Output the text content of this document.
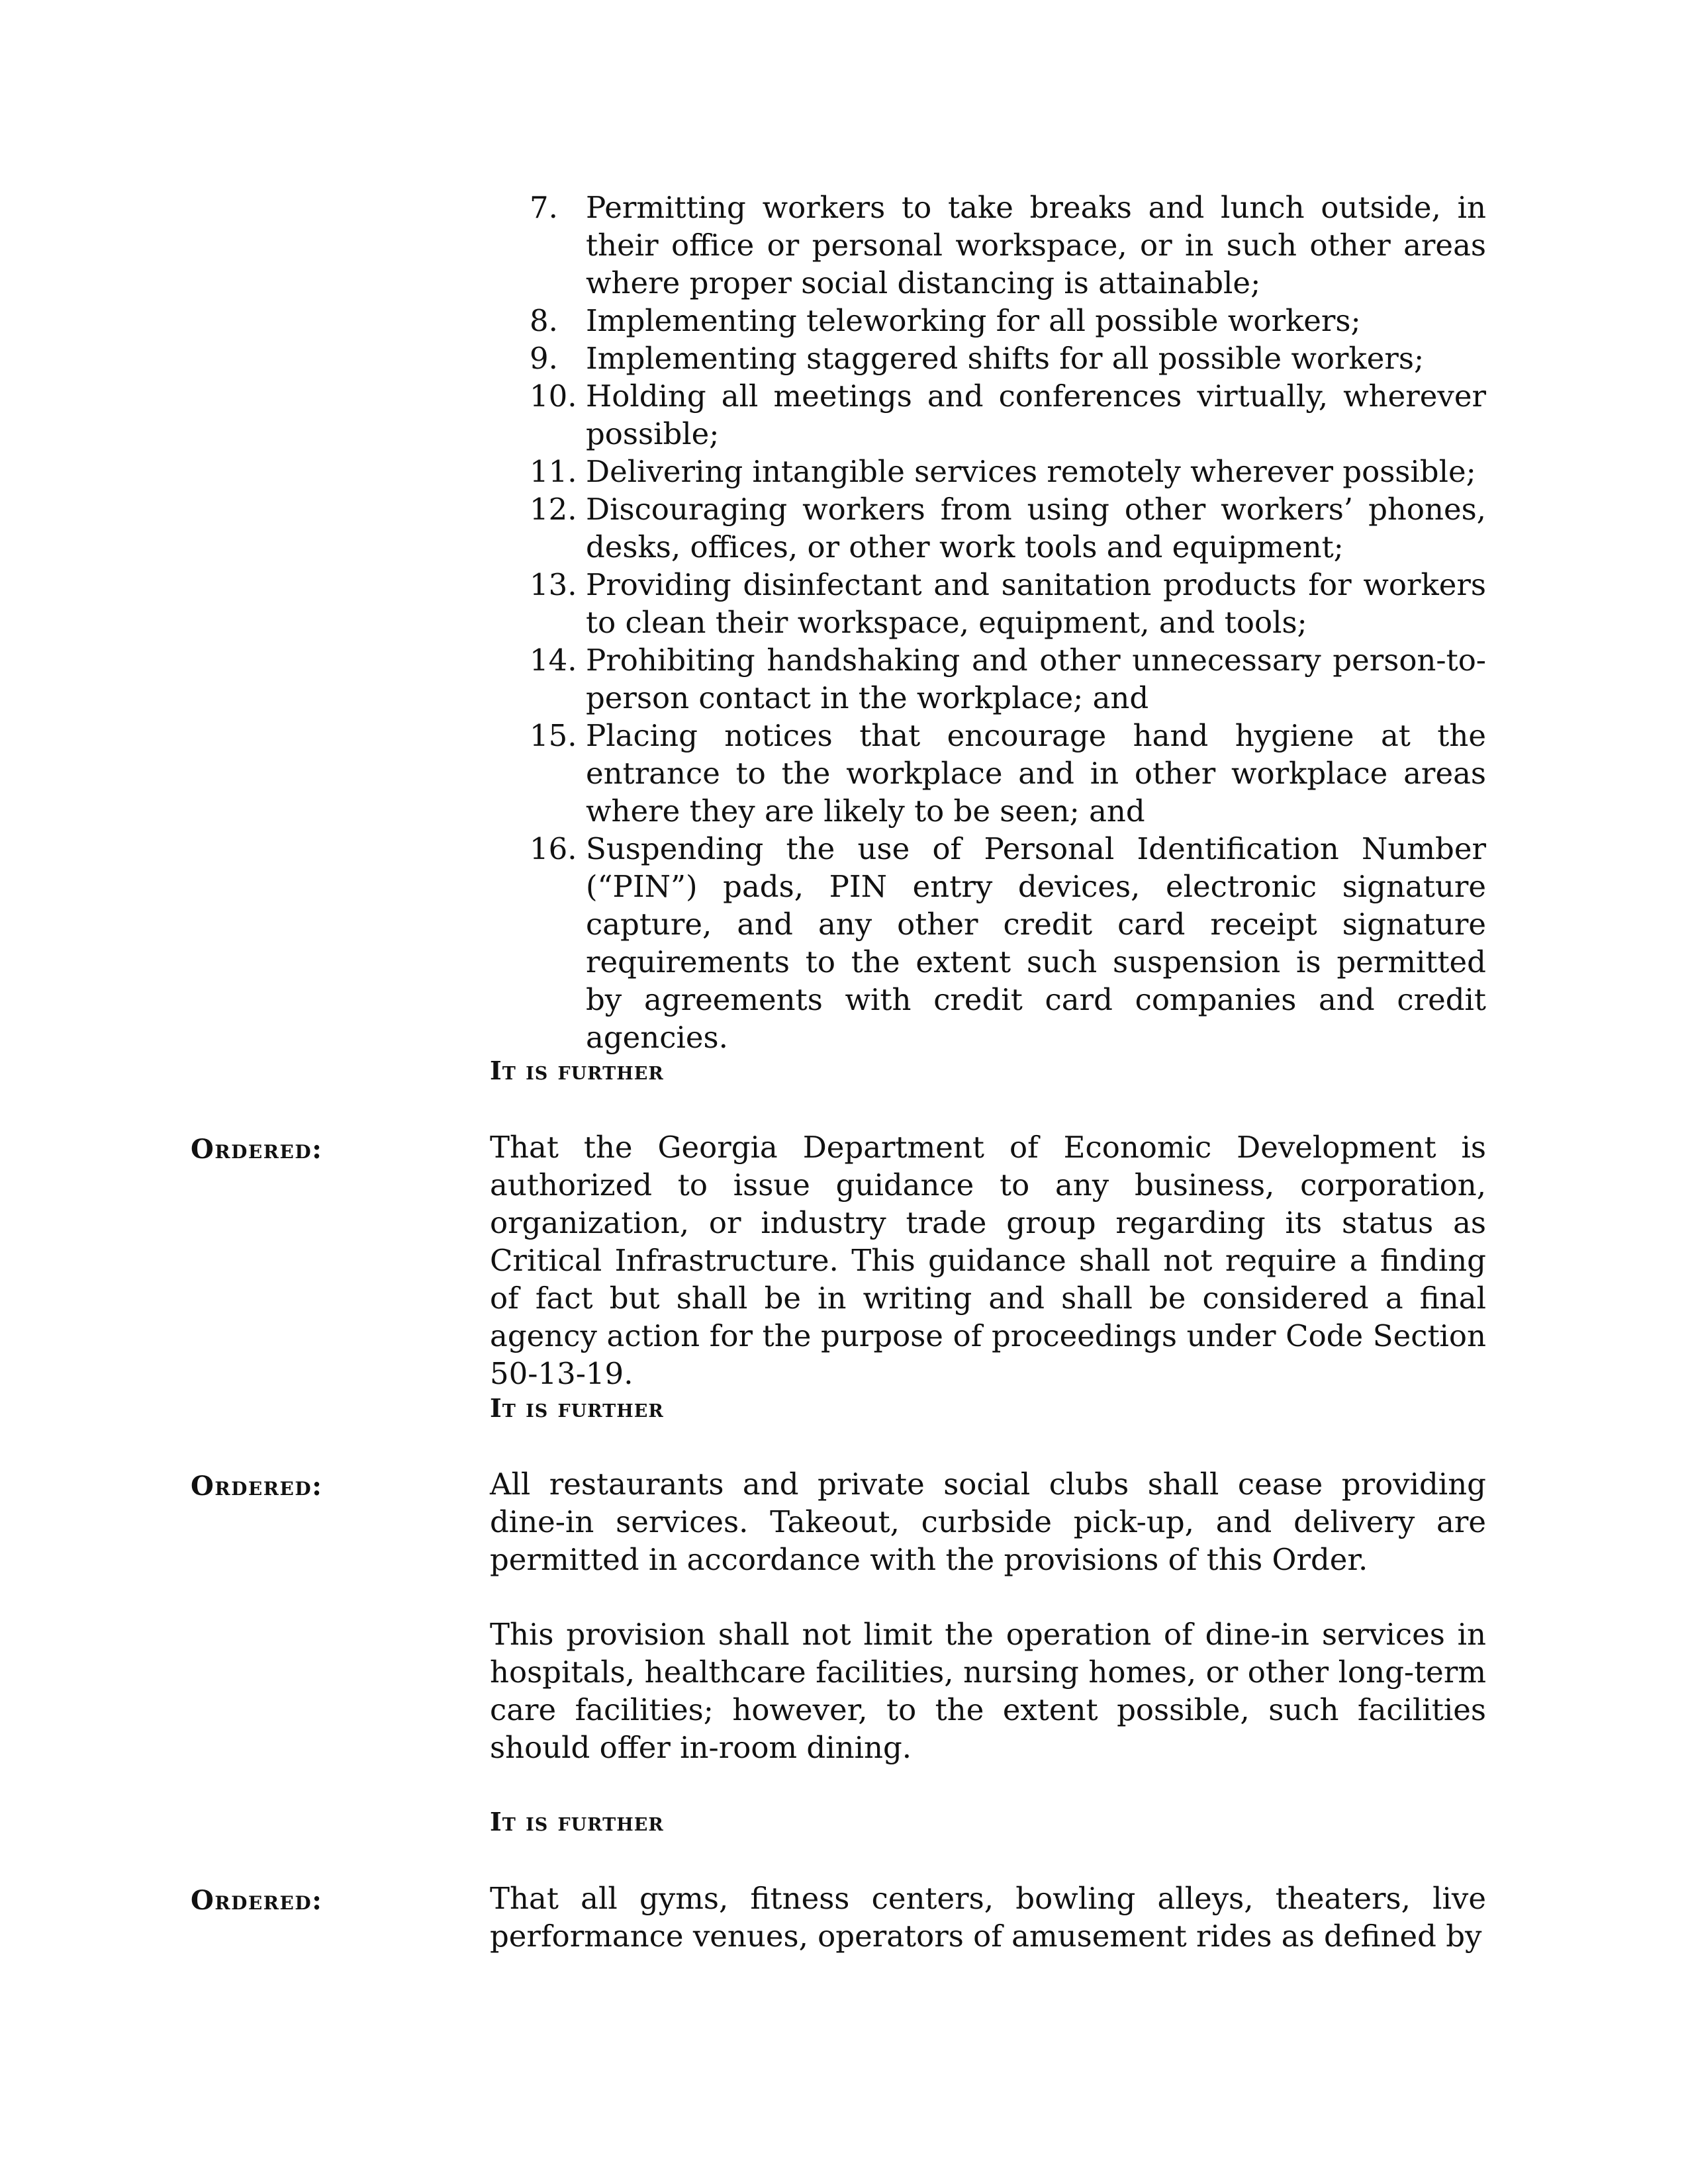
7. Permitting workers to take breaks and lunch outside, in their office or personal workspace, or in such other areas where proper social distancing is attainable;
8. Implementing teleworking for all possible workers;
9. Implementing staggered shifts for all possible workers;
10. Holding all meetings and conferences virtually, wherever possible;
11. Delivering intangible services remotely wherever possible;
12. Discouraging workers from using other workers’ phones, desks, offices, or other work tools and equipment;
13. Providing disinfectant and sanitation products for workers to clean their workspace, equipment, and tools;
14. Prohibiting handshaking and other unnecessary person-to-person contact in the workplace; and
15. Placing notices that encourage hand hygiene at the entrance to the workplace and in other workplace areas where they are likely to be seen; and
16. Suspending the use of Personal Identification Number (“PIN”) pads, PIN entry devices, electronic signature capture, and any other credit card receipt signature requirements to the extent such suspension is permitted by agreements with credit card companies and credit agencies.
It is further
Ordered:	That the Georgia Department of Economic Development is authorized to issue guidance to any business, corporation, organization, or industry trade group regarding its status as Critical Infrastructure. This guidance shall not require a finding of fact but shall be in writing and shall be considered a final agency action for the purpose of proceedings under Code Section 50-13-19.

It is further
Ordered:	All restaurants and private social clubs shall cease providing dine-in services. Takeout, curbside pick-up, and delivery are permitted in accordance with the provisions of this Order.

This provision shall not limit the operation of dine-in services in hospitals, healthcare facilities, nursing homes, or other long-term care facilities; however, to the extent possible, such facilities should offer in-room dining.

It is further
Ordered:	That all gyms, fitness centers, bowling alleys, theaters, live performance venues, operators of amusement rides as defined by
